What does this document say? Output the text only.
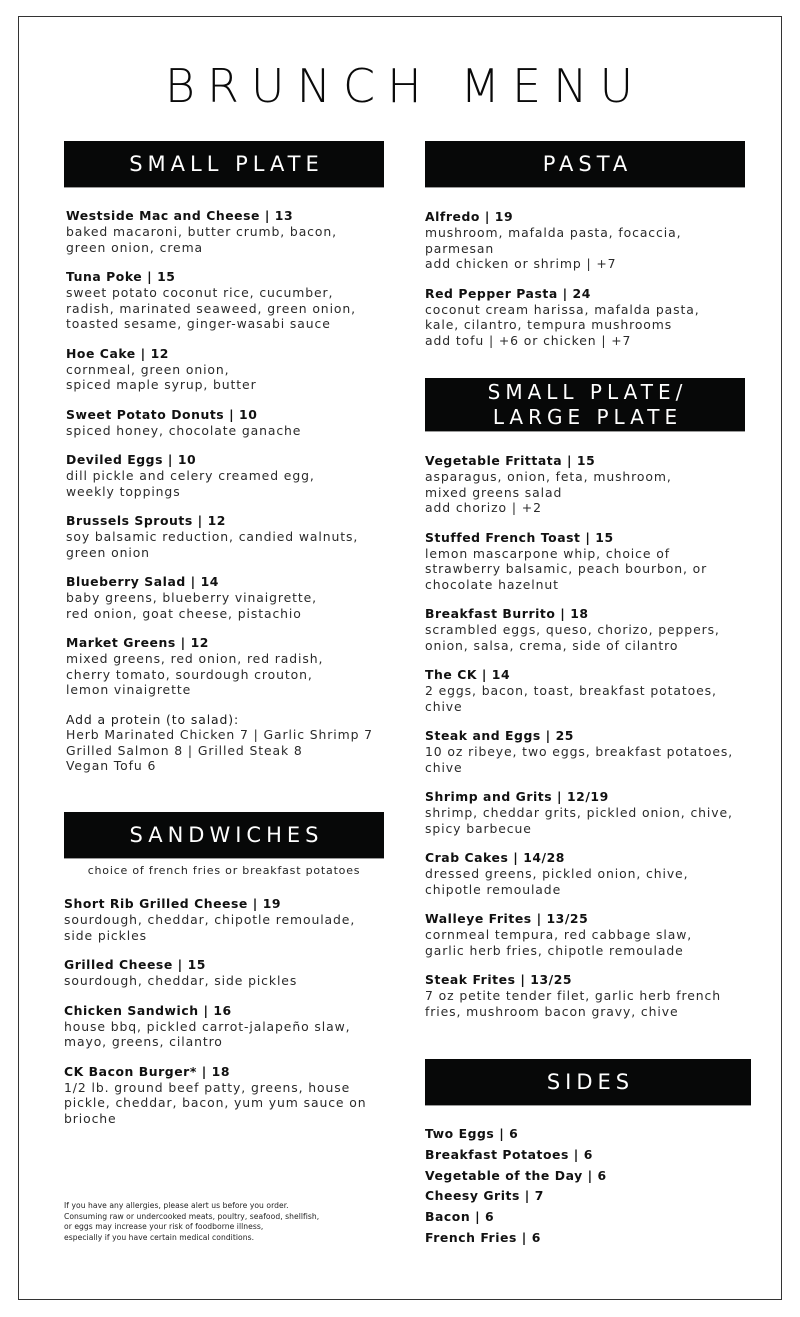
BRUNCH MENU
SMALL PLATE
Westside Mac and Cheese | 13
baked macaroni, butter crumb, bacon,
green onion, crema
Tuna Poke | 15
sweet potato coconut rice, cucumber,
radish, marinated seaweed, green onion,
toasted sesame, ginger-wasabi sauce
Hoe Cake | 12
cornmeal, green onion,
spiced maple syrup, butter
Sweet Potato Donuts | 10
spiced honey, chocolate ganache
Deviled Eggs | 10
dill pickle and celery creamed egg,
weekly toppings
Brussels Sprouts | 12
soy balsamic reduction, candied walnuts,
green onion
Blueberry Salad | 14
baby greens, blueberry vinaigrette,
red onion, goat cheese, pistachio
Market Greens | 12
mixed greens, red onion, red radish,
cherry tomato, sourdough crouton,
lemon vinaigrette
Add a protein (to salad):
Herb Marinated Chicken 7 | Garlic Shrimp 7
Grilled Salmon 8 | Grilled Steak 8
Vegan Tofu 6
SANDWICHES
choice of french fries or breakfast potatoes
Short Rib Grilled Cheese | 19
sourdough, cheddar, chipotle remoulade,
side pickles
Grilled Cheese | 15
sourdough, cheddar, side pickles
Chicken Sandwich | 16
house bbq, pickled carrot-jalapeño slaw,
mayo, greens, cilantro
CK Bacon Burger* | 18
1/2 lb. ground beef patty, greens, house
pickle, cheddar, bacon, yum yum sauce on
brioche
If you have any allergies, please alert us before you order.
Consuming raw or undercooked meats, poultry, seafood, shellfish,
or eggs may increase your risk of foodborne illness,
especially if you have certain medical conditions.
PASTA
Alfredo | 19
mushroom, mafalda pasta, focaccia,
parmesan
add chicken or shrimp | +7
Red Pepper Pasta | 24
coconut cream harissa, mafalda pasta,
kale, cilantro, tempura mushrooms
add tofu | +6 or chicken | +7
SMALL PLATE/
LARGE PLATE
Vegetable Frittata | 15
asparagus, onion, feta, mushroom,
mixed greens salad
add chorizo | +2
Stuffed French Toast | 15
lemon mascarpone whip, choice of
strawberry balsamic, peach bourbon, or
chocolate hazelnut
Breakfast Burrito | 18
scrambled eggs, queso, chorizo, peppers,
onion, salsa, crema, side of cilantro
The CK | 14
2 eggs, bacon, toast, breakfast potatoes,
chive
Steak and Eggs | 25
10 oz ribeye, two eggs, breakfast potatoes,
chive
Shrimp and Grits | 12/19
shrimp, cheddar grits, pickled onion, chive,
spicy barbecue
Crab Cakes | 14/28
dressed greens, pickled onion, chive,
chipotle remoulade
Walleye Frites | 13/25
cornmeal tempura, red cabbage slaw,
garlic herb fries, chipotle remoulade
Steak Frites | 13/25
7 oz petite tender filet, garlic herb french
fries, mushroom bacon gravy, chive
SIDES
Two Eggs | 6
Breakfast Potatoes | 6
Vegetable of the Day | 6
Cheesy Grits | 7
Bacon | 6
French Fries | 6
